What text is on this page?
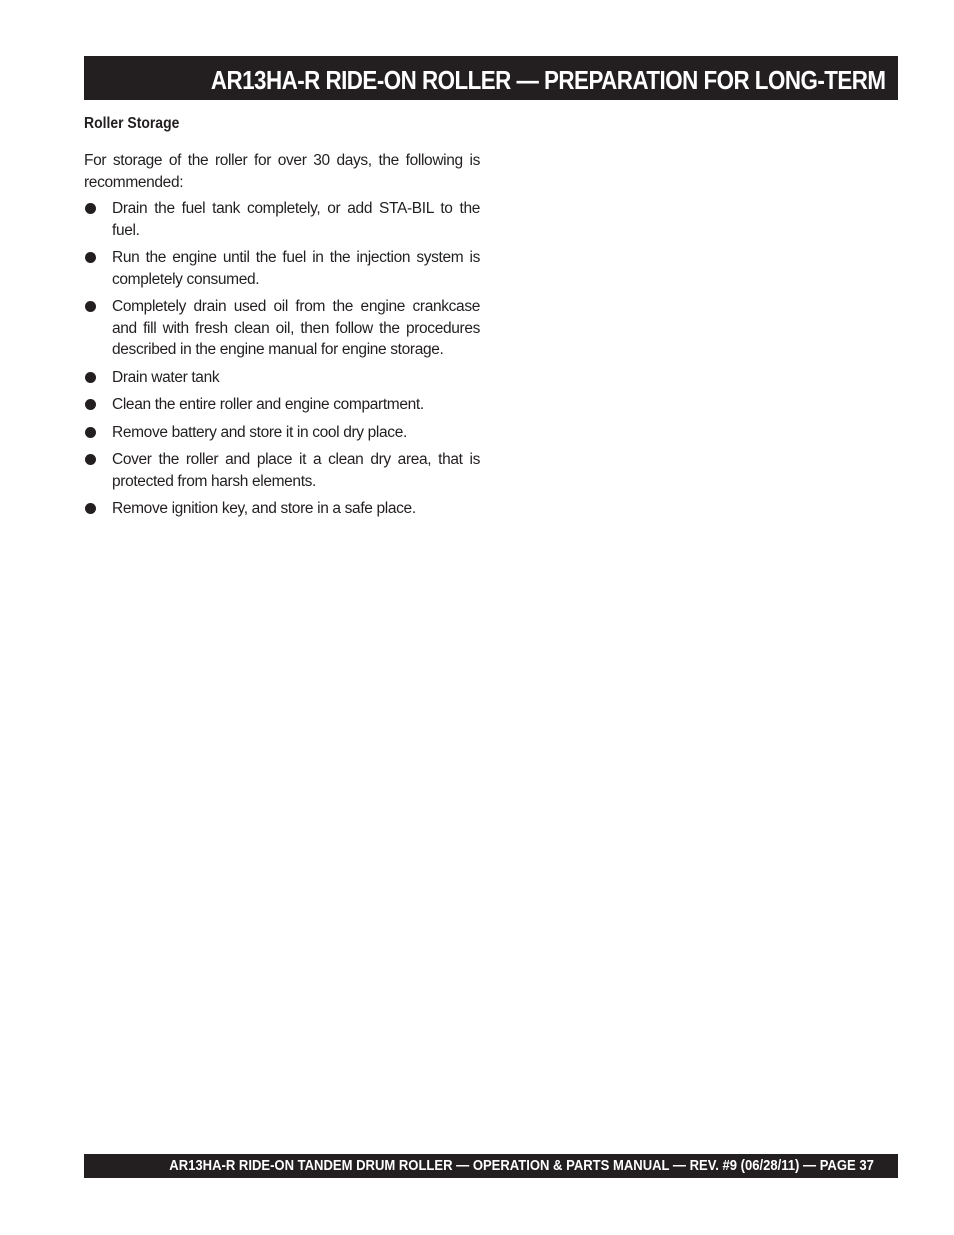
AR13HA-R RIDE-ON ROLLER — PREPARATION FOR LONG-TERM
STORAGE
Roller Storage

For storage of the roller for over 30 days, the following is recommended:

Drain the fuel tank completely, or add STA-BIL to the fuel.
Run the engine until the fuel in the injection system is completely consumed.
Completely drain used oil from the engine crankcase and fill with fresh clean oil, then follow the procedures described in the engine manual for engine storage.
Drain water tank
Clean the entire roller and engine compartment.
Remove battery and store it in cool dry place.
Cover the roller and place it a clean dry area, that is protected from harsh elements.
Remove ignition key, and store in a safe place.
AR13HA-R RIDE-ON TANDEM DRUM ROLLER — OPERATION & PARTS MANUAL — REV. #9 (06/28/11) — PAGE 37
